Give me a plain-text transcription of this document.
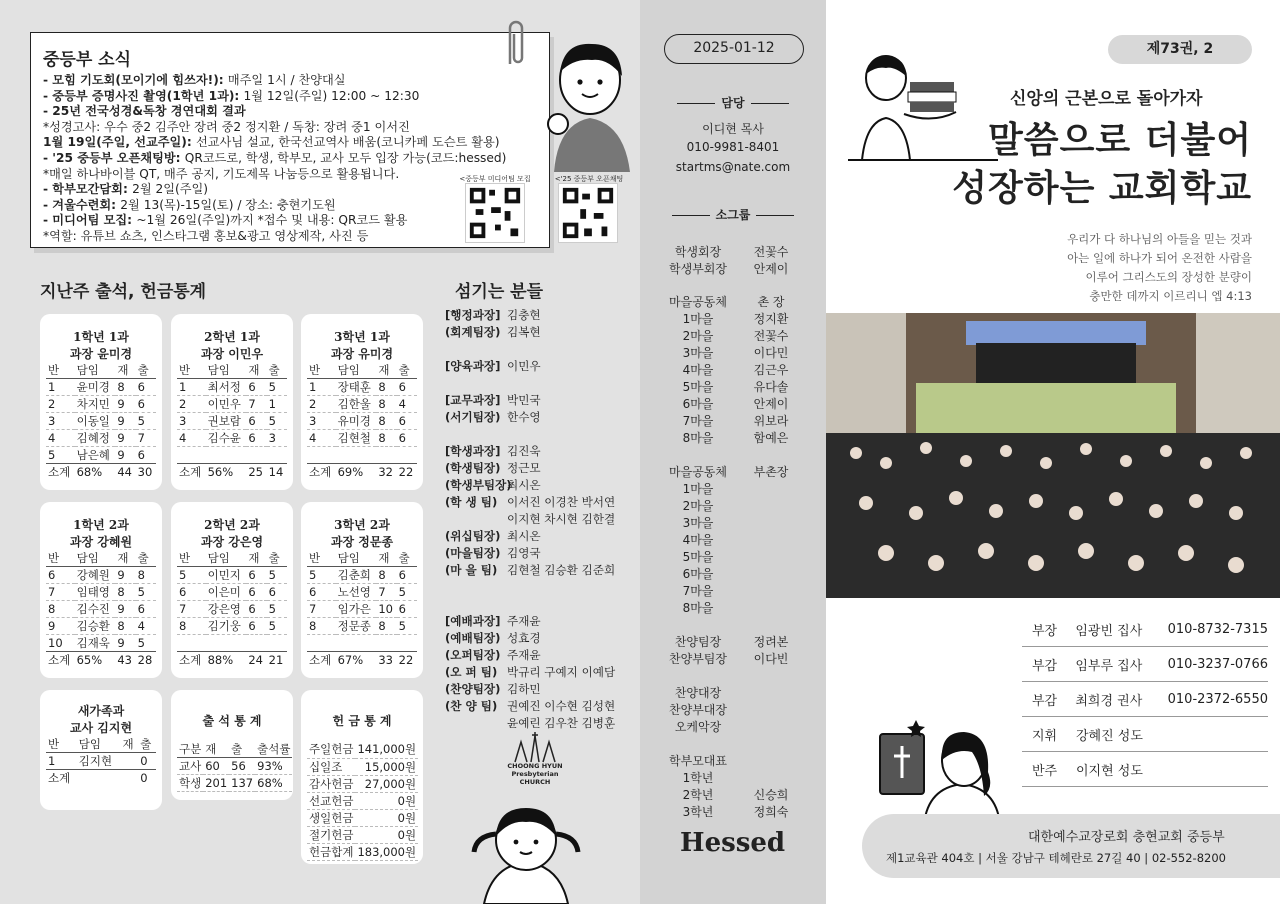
중등부 소식
- 모힘 기도회(모이기에 힘쓰자!): 매주일 1시 / 찬양대실
- 중등부 증명사진 촬영(1학년 1과): 1월 12일(주일) 12:00 ~ 12:30
- 25년 전국성경&독창 경연대회 결과
*성경고사: 우수 중2 김주안 장려 중2 정지환 / 독창: 장려 중1 이서진
1월 19일(주일, 선교주일): 선교사님 설교, 한국선교역사 배움(코니카페 도슨트 활용)
- '25 중등부 오픈채팅방: QR코드로, 학생, 학부모, 교사 모두 입장 가능(코드:hessed)
*매일 하나바이블 QT, 매주 공지, 기도제목 나눔등으로 활용됩니다.
- 학부모간담회: 2월 2일(주일)
- 겨울수련회: 2월 13(목)-15일(토) / 장소: 충현기도원
- 미디어팀 모집: ~1월 26일(주일)까지 *접수 및 내용: QR코드 활용
*역할: 유튜브 쇼츠, 인스타그램 홍보&광고 영상제작, 사진 등
<중등부 미디어팀 모집	<'25 중등부 오픈채팅
지난주 출석, 헌금통계
1학년 1과
과장 윤미경
반	담임	재	출
1	윤미경	8	6
2	차지민	9	6
3	이동일	9	5
4	김혜정	9	7
5	남은혜	9	6
소계	68%	44	30
2학년 1과
과장 이민우
반	담임	재	출
1	최서정	6	5
2	이민우	7	1
3	권보람	6	5
4	김수윤	6	3

소계	56%	25	14
3학년 1과
과장 유미경
반	담임	재	출
1	장태훈	8	6
2	김한울	8	4
3	유미경	8	6
4	김현철	8	6

소계	69%	32	22
1학년 2과
과장 강혜원
반	담임	재	출
6	강혜원	9	8
7	임태영	8	5
8	김수진	9	6
9	김승환	8	4
10	김재욱	9	5
소계	65%	43	28
2학년 2과
과장 강은영
반	담임	재	출
5	이민지	6	5
6	이은미	6	6
7	강은영	6	5
8	김기웅	6	5

소계	88%	24	21
3학년 2과
과장 정문종
반	담임	재	출
5	김춘희	8	6
6	노선영	7	5
7	임가은	10	6
8	정문종	8	5

소계	67%	33	22
새가족과
교사 김지현
반	담임	재	출
1	김지현		0
소계			0
출 석 통 계
구분	재	출	출석률
교사	60	56	93%
학생	201	137	68%
헌 금 통 계
주일헌금	141,000원
십일조	15,000원
감사헌금	27,000원
선교헌금	0원
생일헌금	0원
절기헌금	0원
헌금합계	183,000원
섬기는 분들
[행정과장] 김충현
(회계팀장) 김복현
[양육과장] 이민우
[교무과장] 박민국
(서기팀장) 한수영
[학생과장] 김진욱
(학생팀장) 정근모
(학생부팀장)
최시온
(학 생 팀) 이서진 이경찬 박서연
이지현 차시현 김한결
(위십팀장) 최시온
(마을팀장) 김영국
(마 을 팀) 김현철 김승환 김준희
[예배과장] 주재윤
(예배팀장) 성효경
(오퍼팀장) 주재윤
(오 퍼 팀) 박규리 구예지 이예담
(찬양팀장) 김하민
(찬 양 팀) 권예진 이수현 김성현
윤예린 김우찬 김병훈
CHOONG HYUN Presbyterian CHURCH
2025-01-12
담당
이디현 목사
010-9981-8401
startms@nate.com
소그룹
학생회장	전꽃수
학생부회장	안제이
마을공동체	촌 장
1마을	정지환
2마을	전꽃수
3마을	이다민
4마을	김근우
5마을	유다솔
6마을	안제이
7마을	위보라
8마을	함예은
마을공동체	부촌장
1마을
2마을
3마을
4마을
5마을
6마을
7마을
8마을
찬양팀장	정려본
찬양부팀장	이다빈
찬양대장
찬양부대장
오케악장
학부모대표
1학년
2학년	신승희
3학년	정희숙
Hessed
제73권, 2
신앙의 근본으로 돌아가자
말씀으로 더불어
성장하는 교회학교
우리가 다 하나님의 아들을 믿는 것과
아는 일에 하나가 되어 온전한 사람을
이루어 그리스도의 장성한 분량이
충만한 데까지 이르리니 엡 4:13
부장	임광빈 집사	010-8732-7315
부감	임부루 집사	010-3237-0766
부감	최희경 권사	010-2372-6550
지휘	강혜진 성도
반주	이지현 성도
대한예수교장로회 충현교회 중등부
제1교육관 404호 | 서울 강남구 테헤란로 27길 40 | 02-552-8200
